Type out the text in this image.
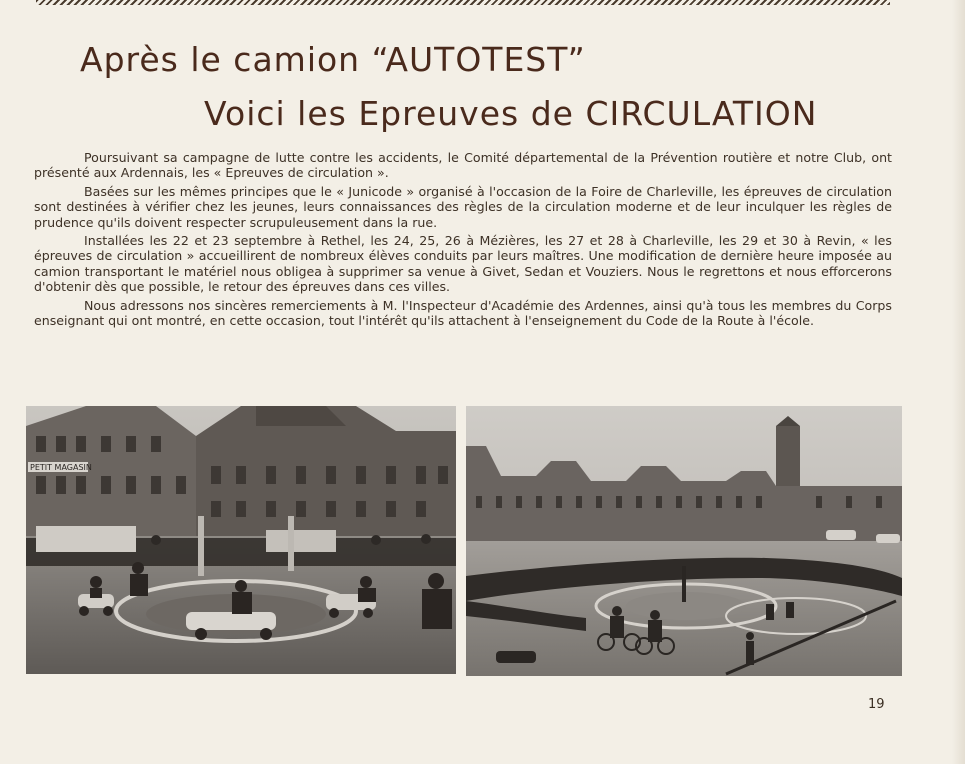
Après le camion “AUTOTEST”
Voici les Epreuves de CIRCULATION

Poursuivant sa campagne de lutte contre les accidents, le Comité départemental de la Prévention routière et notre Club, ont présenté aux Ardennais, les « Epreuves de circulation ».

Basées sur les mêmes principes que le « Junicode » organisé à l'occasion de la Foire de Charleville, les épreuves de circulation sont destinées à vérifier chez les jeunes, leurs connaissances des règles de la circulation moderne et de leur inculquer les règles de prudence qu'ils doivent respecter scrupuleusement dans la rue.

Installées les 22 et 23 septembre à Rethel, les 24, 25, 26 à Mézières, les 27 et 28 à Charleville, les 29 et 30 à Revin, « les épreuves de circulation » accueillirent de nombreux élèves conduits par leurs maîtres. Une modification de dernière heure imposée au camion transportant le matériel nous obligea à supprimer sa venue à Givet, Sedan et Vouziers. Nous le regrettons et nous efforcerons d'obtenir dès que possible, le retour des épreuves dans ces villes.

Nous adressons nos sincères remerciements à M. l'Inspecteur d'Académie des Ardennes, ainsi qu'à tous les membres du Corps enseignant qui ont montré, en cette occasion, tout l'intérêt qu'ils attachent à l'enseignement du Code de la Route à l'école.

PETIT MAGASIN
19
